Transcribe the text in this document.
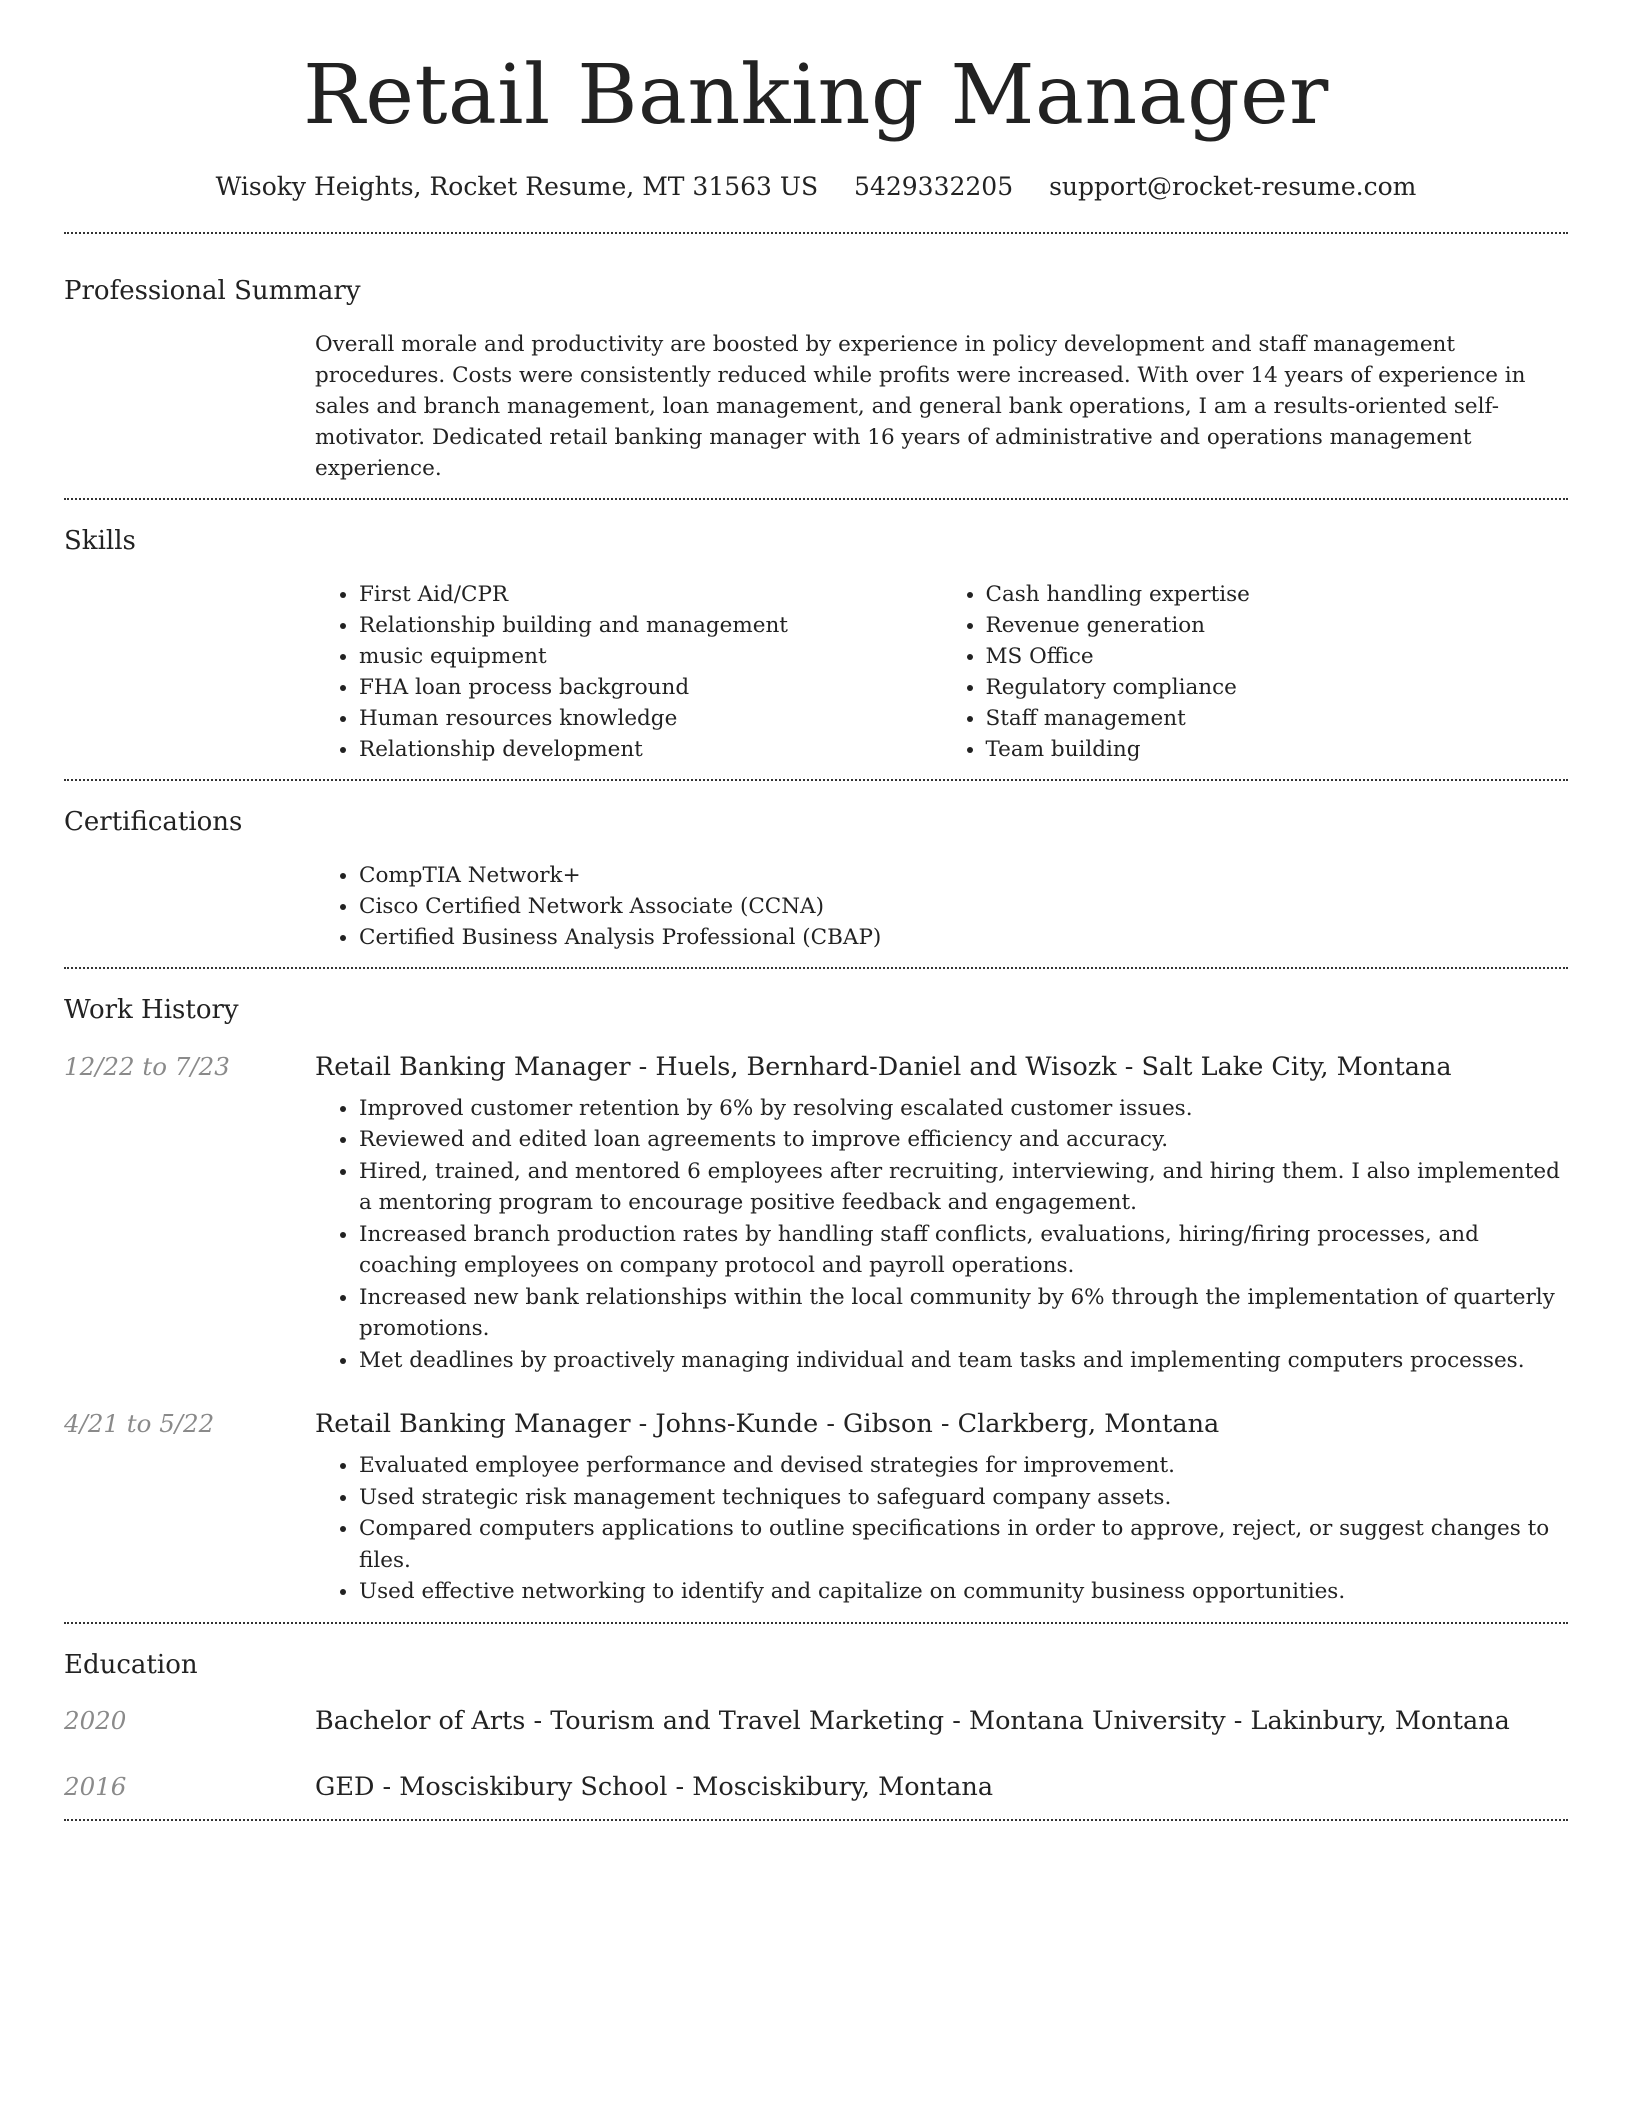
Retail Banking Manager
Wisoky Heights, Rocket Resume, MT 31563 US 5429332205 support@rocket-resume.com
Professional Summary

Overall morale and productivity are boosted by experience in policy development and staff management procedures. Costs were consistently reduced while profits were increased. With over 14 years of experience in sales and branch management, loan management, and general bank operations, I am a results-oriented self-motivator. Dedicated retail banking manager with 16 years of administrative and operations management experience.

Skills
• First Aid/CPR
• Relationship building and management
• music equipment
• FHA loan process background
• Human resources knowledge
• Relationship development
• Cash handling expertise
• Revenue generation
• MS Office
• Regulatory compliance
• Staff management
• Team building
Certifications
• CompTIA Network+
• Cisco Certified Network Associate (CCNA)
• Certified Business Analysis Professional (CBAP)
Work History
12/22 to 7/23	Retail Banking Manager - Huels, Bernhard-Daniel and Wisozk - Salt Lake City, Montana
• Improved customer retention by 6% by resolving escalated customer issues.
• Reviewed and edited loan agreements to improve efficiency and accuracy.
• Hired, trained, and mentored 6 employees after recruiting, interviewing, and hiring them. I also implemented a mentoring program to encourage positive feedback and engagement.
• Increased branch production rates by handling staff conflicts, evaluations, hiring/firing processes, and coaching employees on company protocol and payroll operations.
• Increased new bank relationships within the local community by 6% through the implementation of quarterly promotions.
• Met deadlines by proactively managing individual and team tasks and implementing computers processes.
4/21 to 5/22	Retail Banking Manager - Johns-Kunde - Gibson - Clarkberg, Montana
• Evaluated employee performance and devised strategies for improvement.
• Used strategic risk management techniques to safeguard company assets.
• Compared computers applications to outline specifications in order to approve, reject, or suggest changes to files.
• Used effective networking to identify and capitalize on community business opportunities.
Education
2020	Bachelor of Arts - Tourism and Travel Marketing - Montana University - Lakinbury, Montana
2016	GED - Mosciskibury School - Mosciskibury, Montana
